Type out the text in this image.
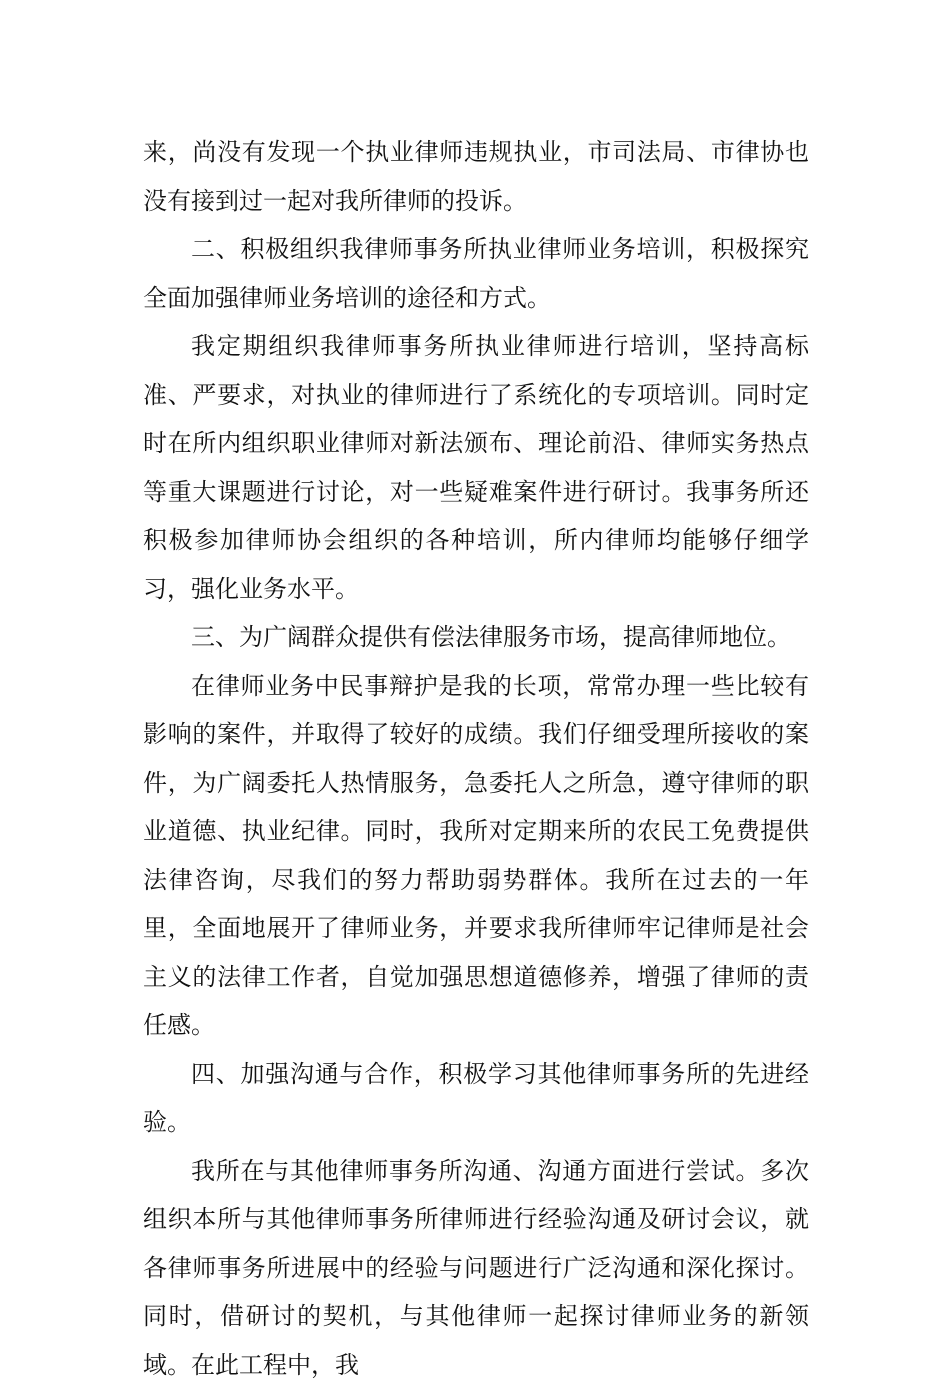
来，尚没有发现一个执业律师违规执业，市司法局、市律协也没有接到过一起对我所律师的投诉。

二、积极组织我律师事务所执业律师业务培训，积极探究全面加强律师业务培训的途径和方式。

我定期组织我律师事务所执业律师进行培训，坚持高标准、严要求，对执业的律师进行了系统化的专项培训。同时定时在所内组织职业律师对新法颁布、理论前沿、律师实务热点等重大课题进行讨论，对一些疑难案件进行研讨。我事务所还积极参加律师协会组织的各种培训，所内律师均能够仔细学习，强化业务水平。

三、为广阔群众提供有偿法律服务市场，提高律师地位。

在律师业务中民事辩护是我的长项，常常办理一些比较有影响的案件，并取得了较好的成绩。我们仔细受理所接收的案件，为广阔委托人热情服务，急委托人之所急，遵守律师的职业道德、执业纪律。同时，我所对定期来所的农民工免费提供法律咨询，尽我们的努力帮助弱势群体。我所在过去的一年里，全面地展开了律师业务，并要求我所律师牢记律师是社会主义的法律工作者，自觉加强思想道德修养，增强了律师的责任感。

四、加强沟通与合作，积极学习其他律师事务所的先进经验。

我所在与其他律师事务所沟通、沟通方面进行尝试。多次组织本所与其他律师事务所律师进行经验沟通及研讨会议，就各律师事务所进展中的经验与问题进行广泛沟通和深化探讨。同时，借研讨的契机，与其他律师一起探讨律师业务的新领域。在此工程中，我
